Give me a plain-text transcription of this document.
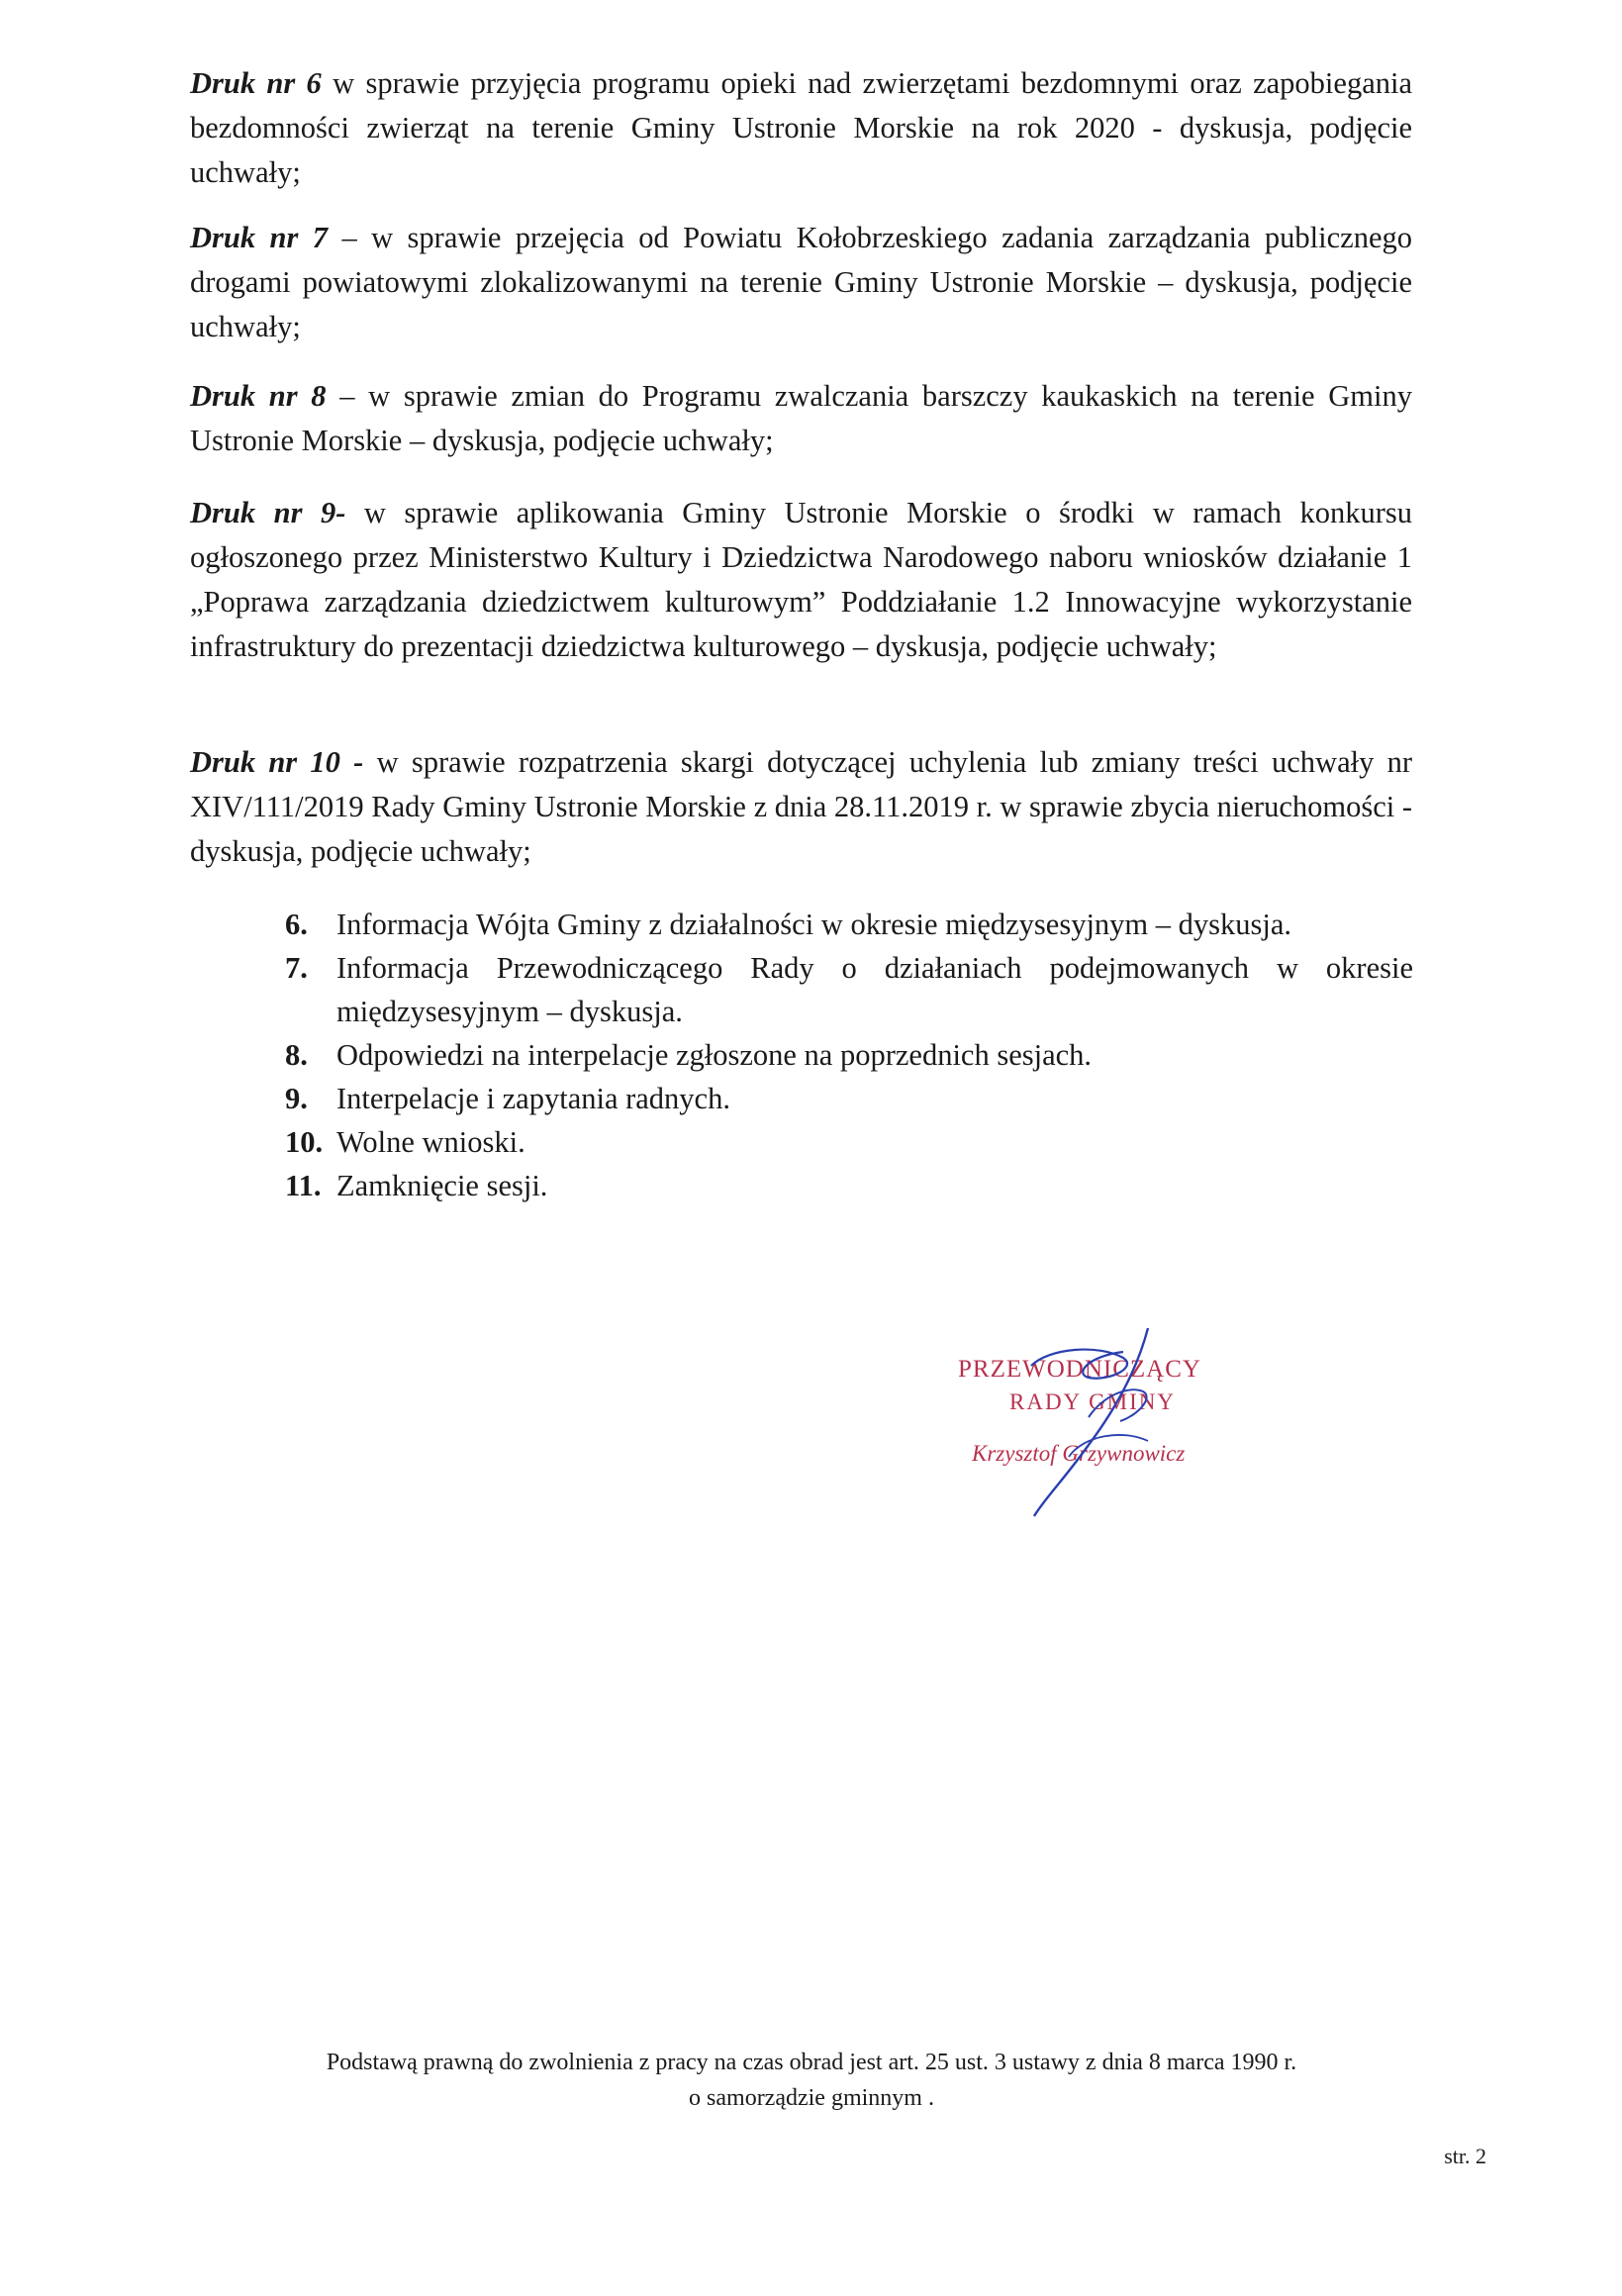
Druk nr 6 w sprawie przyjęcia programu opieki nad zwierzętami bezdomnymi oraz zapobiegania bezdomności zwierząt na terenie Gminy Ustronie Morskie na rok 2020 - dyskusja, podjęcie uchwały;

Druk nr 7 – w sprawie przejęcia od Powiatu Kołobrzeskiego zadania zarządzania publicznego drogami powiatowymi zlokalizowanymi na terenie Gminy Ustronie Morskie – dyskusja, podjęcie uchwały;

Druk nr 8 – w sprawie zmian do Programu zwalczania barszczy kaukaskich na terenie Gminy Ustronie Morskie – dyskusja, podjęcie uchwały;

Druk nr 9- w sprawie aplikowania Gminy Ustronie Morskie o środki w ramach konkursu ogłoszonego przez Ministerstwo Kultury i Dziedzictwa Narodowego naboru wniosków działanie 1 „Poprawa zarządzania dziedzictwem kulturowym” Poddziałanie 1.2 Innowacyjne wykorzystanie infrastruktury do prezentacji dziedzictwa kulturowego – dyskusja, podjęcie uchwały;

Druk nr 10 - w sprawie rozpatrzenia skargi dotyczącej uchylenia lub zmiany treści uchwały nr XIV/111/2019 Rady Gminy Ustronie Morskie z dnia 28.11.2019 r. w sprawie zbycia nieruchomości - dyskusja, podjęcie uchwały;

6. Informacja Wójta Gminy z działalności w okresie międzysesyjnym – dyskusja.
7. Informacja Przewodniczącego Rady o działaniach podejmowanych w okresie międzysesyjnym – dyskusja.
8. Odpowiedzi na interpelacje zgłoszone na poprzednich sesjach.
9. Interpelacje i zapytania radnych.
10. Wolne wnioski.
11. Zamknięcie sesji.
PRZEWODNICZĄCY
RADY GMINY
Krzysztof Grzywnowicz
Podstawą prawną do zwolnienia z pracy na czas obrad jest art. 25 ust. 3 ustawy z dnia 8 marca 1990 r.
o samorządzie gminnym .
str. 2
